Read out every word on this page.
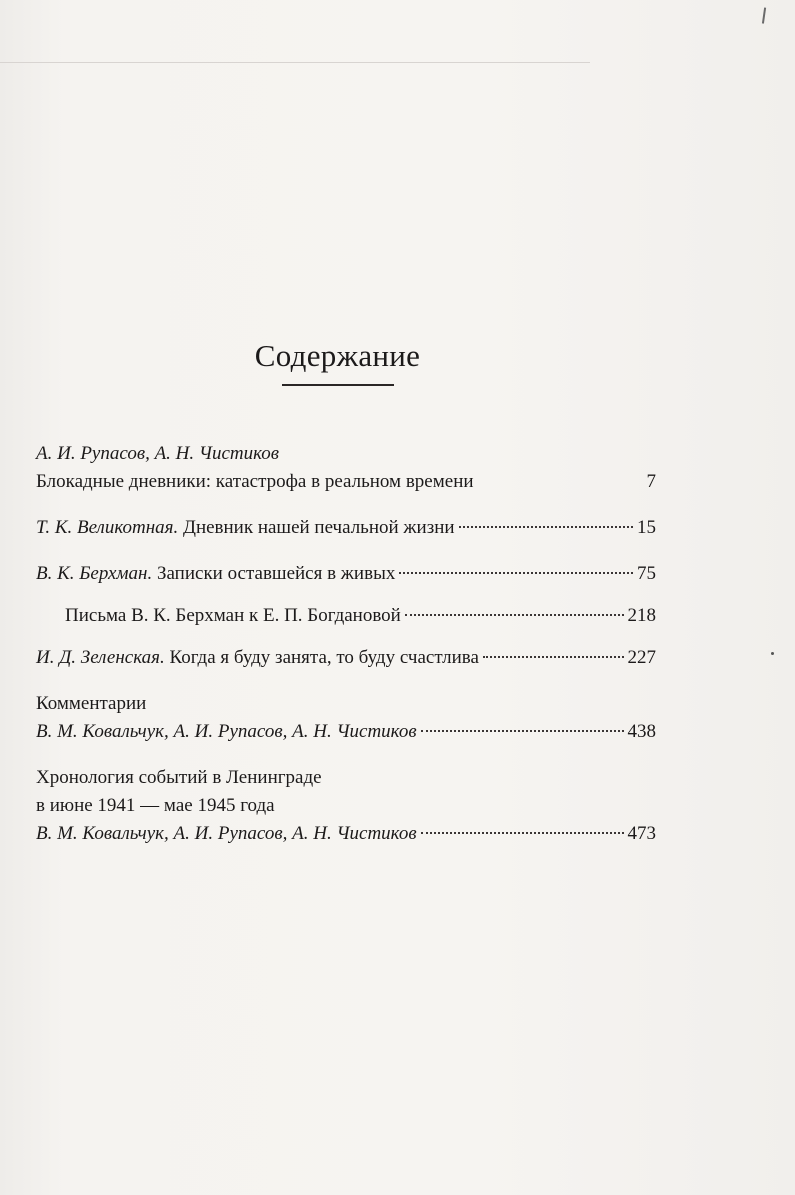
Содержание
А. И. Рупасов, А. Н. Чистиков
Блокадные дневники: катастрофа в реальном времени	7
Т. К. Великотная. Дневник нашей печальной жизни	15
В. К. Берхман. Записки оставшейся в живых	75
Письма В. К. Берхман к Е. П. Богдановой	218
И. Д. Зеленская. Когда я буду занята, то буду счастлива	227
Комментарии
В. М. Ковальчук, А. И. Рупасов, А. Н. Чистиков	438
Хронология событий в Ленинграде
в июне 1941 — мае 1945 года
В. М. Ковальчук, А. И. Рупасов, А. Н. Чистиков	473
